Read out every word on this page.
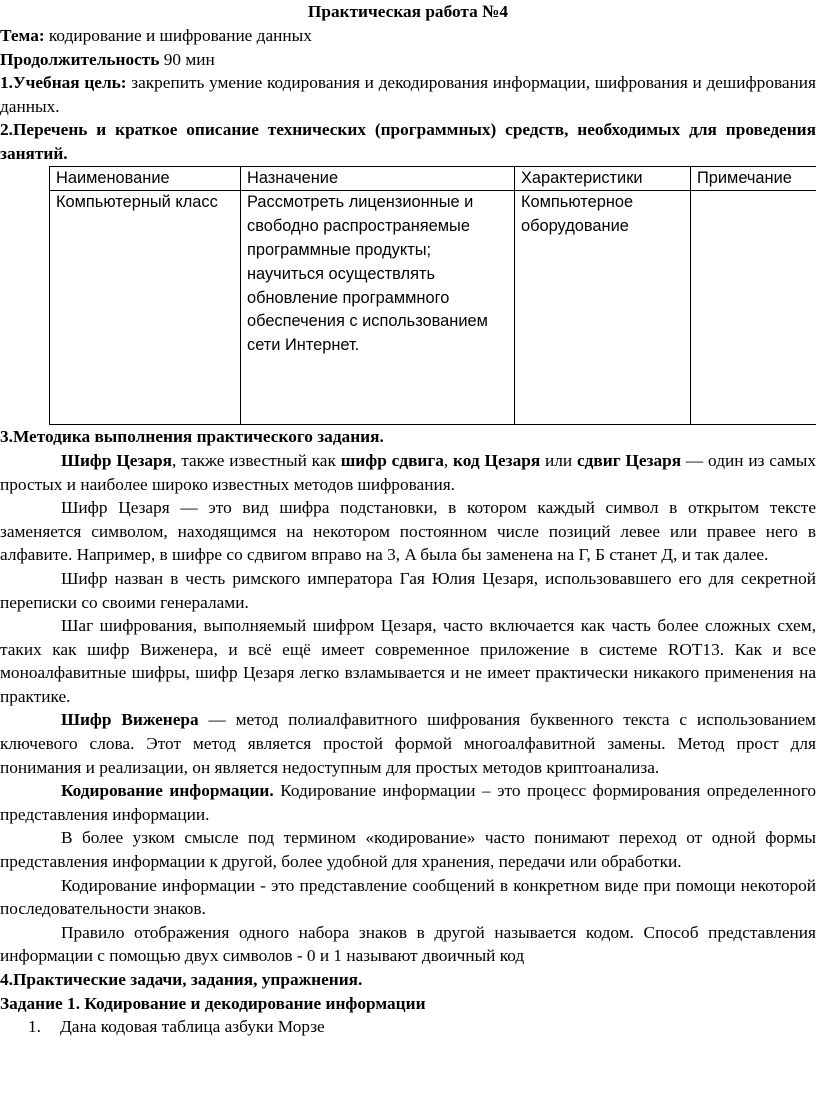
Практическая работа №4

Тема: кодирование и шифрование данных

Продолжительность 90 мин

1.Учебная цель: закрепить умение кодирования и декодирования информации, шифрования и дешифрования данных.

2.Перечень и краткое описание технических (программных) средств, необходимых для проведения занятий.

Наименование	Назначение	Характеристики	Примечание
Компьютерный класс	Рассмотреть лицензионные и свободно распространяемые программные продукты; научиться осуществлять обновление программного обеспечения с использованием сети Интернет.	Компьютерное оборудование	

3.Методика выполнения практического задания.

Шифр Цезаря, также известный как шифр сдвига, код Цезаря или сдвиг Цезаря — один из самых простых и наиболее широко известных методов шифрования.

Шифр Цезаря — это вид шифра подстановки, в котором каждый символ в открытом тексте заменяется символом, находящимся на некотором постоянном числе позиций левее или правее него в алфавите. Например, в шифре со сдвигом вправо на 3, A была бы заменена на Г, Б станет Д, и так далее.

Шифр назван в честь римского императора Гая Юлия Цезаря, использовавшего его для секретной переписки со своими генералами.

Шаг шифрования, выполняемый шифром Цезаря, часто включается как часть более сложных схем, таких как шифр Виженера, и всё ещё имеет современное приложение в системе ROT13. Как и все моноалфавитные шифры, шифр Цезаря легко взламывается и не имеет практически никакого применения на практике.

Шифр Виженера — метод полиалфавитного шифрования буквенного текста с использованием ключевого слова. Этот метод является простой формой многоалфавитной замены. Метод прост для понимания и реализации, он является недоступным для простых методов криптоанализа.

Кодирование информации. Кодирование информации – это процесс формирования определенного представления информации.

В более узком смысле под термином «кодирование» часто понимают переход от одной формы представления информации к другой, более удобной для хранения, передачи или обработки.

Кодирование информации - это представление сообщений в конкретном виде при помощи некоторой последовательности знаков.

Правило отображения одного набора знаков в другой называется кодом. Способ представления информации с помощью двух символов - 0 и 1 называют двоичный код

4.Практические задачи, задания, упражнения.

Задание 1. Кодирование и декодирование информации

1. Дана кодовая таблица азбуки Морзе
